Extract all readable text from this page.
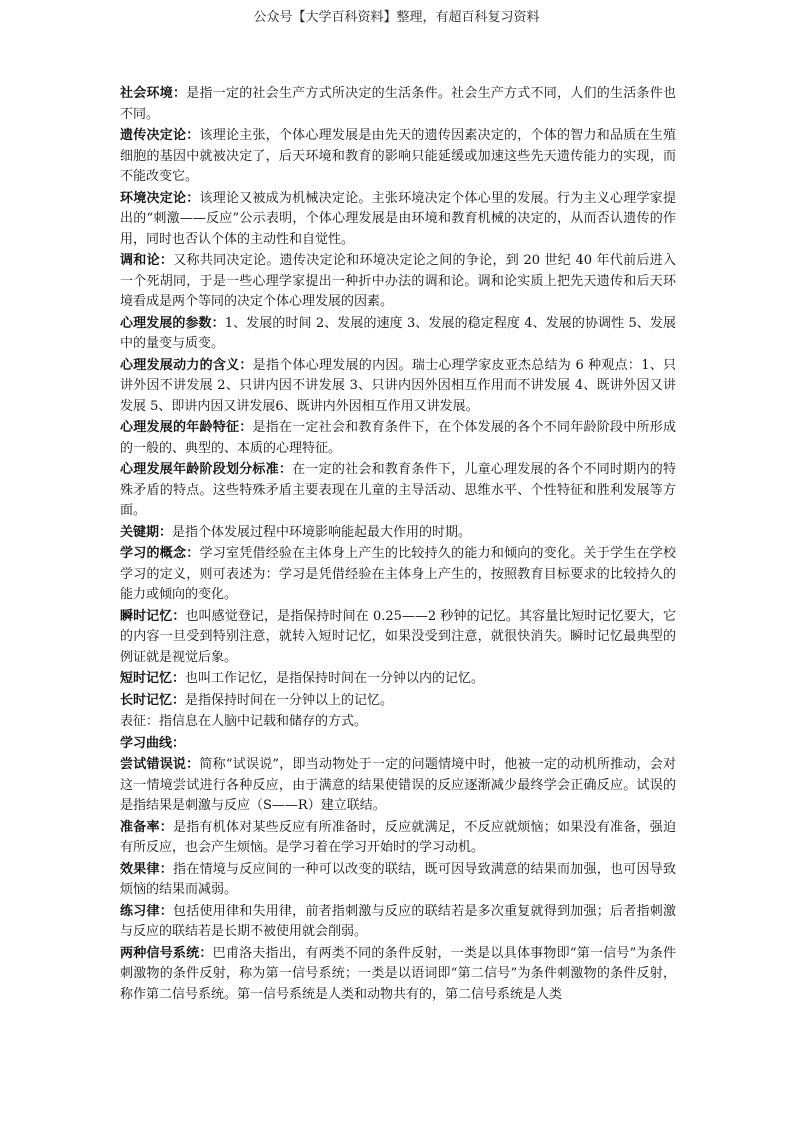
公众号【大学百科资料】整理，有超百科复习资料

社会环境：是指一定的社会生产方式所决定的生活条件。社会生产方式不同，人们的生活条件也不同。

遗传决定论：该理论主张，个体心理发展是由先天的遗传因素决定的，个体的智力和品质在生殖细胞的基因中就被决定了，后天环境和教育的影响只能延缓或加速这些先天遗传能力的实现，而不能改变它。

环境决定论：该理论又被成为机械决定论。主张环境决定个体心里的发展。行为主义心理学家提出的“刺激——反应”公示表明，个体心理发展是由环境和教育机械的决定的，从而否认遗传的作用，同时也否认个体的主动性和自觉性。

调和论：又称共同决定论。遗传决定论和环境决定论之间的争论，到 20 世纪 40 年代前后进入一个死胡同，于是一些心理学家提出一种折中办法的调和论。调和论实质上把先天遗传和后天环境看成是两个等同的决定个体心理发展的因素。

心理发展的参数：1、发展的时间 2、发展的速度 3、发展的稳定程度 4、发展的协调性 5、发展中的量变与质变。

心理发展动力的含义：是指个体心理发展的内因。瑞士心理学家皮亚杰总结为 6 种观点：1、只讲外因不讲发展 2、只讲内因不讲发展 3、只讲内因外因相互作用而不讲发展 4、既讲外因又讲发展 5、即讲内因又讲发展6、既讲内外因相互作用又讲发展。

心理发展的年龄特征：是指在一定社会和教育条件下，在个体发展的各个不同年龄阶段中所形成的一般的、典型的、本质的心理特征。

心理发展年龄阶段划分标准：在一定的社会和教育条件下，儿童心理发展的各个不同时期内的特殊矛盾的特点。这些特殊矛盾主要表现在儿童的主导活动、思维水平、个性特征和胜利发展等方面。

关键期：是指个体发展过程中环境影响能起最大作用的时期。

学习的概念：学习室凭借经验在主体身上产生的比较持久的能力和倾向的变化。关于学生在学校学习的定义，则可表述为：学习是凭借经验在主体身上产生的，按照教育目标要求的比较持久的能力或倾向的变化。

瞬时记忆：也叫感觉登记，是指保持时间在 0.25——2 秒钟的记忆。其容量比短时记忆要大，它的内容一旦受到特别注意，就转入短时记忆，如果没受到注意，就很快消失。瞬时记忆最典型的例证就是视觉后象。

短时记忆：也叫工作记忆，是指保持时间在一分钟以内的记忆。

长时记忆：是指保持时间在一分钟以上的记忆。

表征：指信息在人脑中记载和储存的方式。

学习曲线：

尝试错误说：简称“试误说”，即当动物处于一定的问题情境中时，他被一定的动机所推动，会对这一情境尝试进行各种反应，由于满意的结果使错误的反应逐渐减少最终学会正确反应。试误的是指结果是刺激与反应（S——R）建立联结。

准备率：是指有机体对某些反应有所准备时，反应就满足，不反应就烦恼；如果没有准备，强迫有所反应，也会产生烦恼。是学习着在学习开始时的学习动机。

效果律：指在情境与反应间的一种可以改变的联结，既可因导致满意的结果而加强，也可因导致烦恼的结果而减弱。

练习律：包括使用律和失用律，前者指刺激与反应的联结若是多次重复就得到加强；后者指刺激与反应的联结若是长期不被使用就会削弱。

两种信号系统：巴甫洛夫指出，有两类不同的条件反射，一类是以具体事物即“第一信号”为条件刺激物的条件反射，称为第一信号系统；一类是以语词即“第二信号”为条件刺激物的条件反射，称作第二信号系统。第一信号系统是人类和动物共有的，第二信号系统是人类
